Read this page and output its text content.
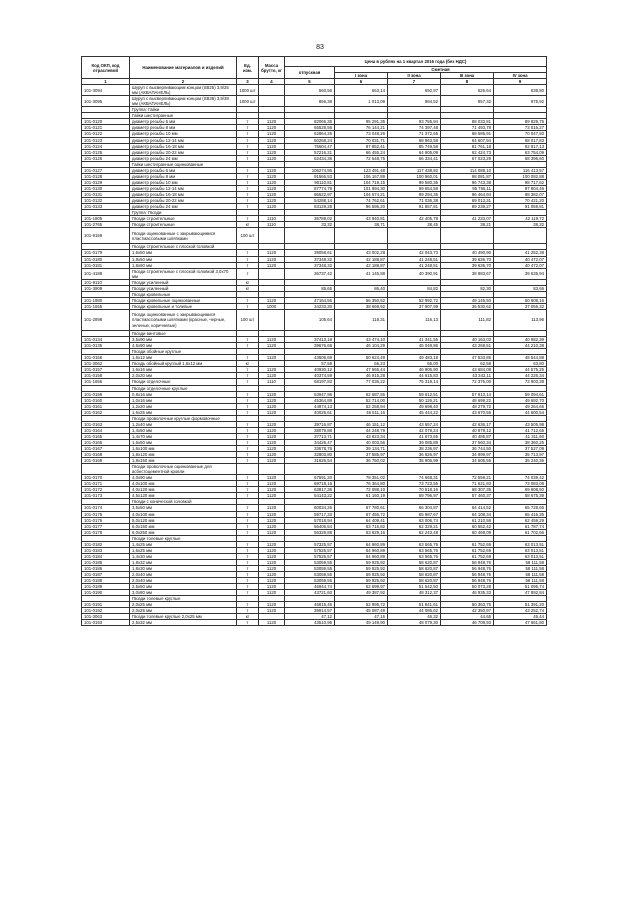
83
Код ОКП, код отраслевой	Наименование материалов и изделий	Ед. изм.	Масса брутто, кг	Цена в рублях на 1 квартал 2016 года (без НДС)				
				отпускная	Сметная			
					I зона	II зона	III зона	IV зона
1	2	3	4	5	6	7	8	9
101-3094	Шуруп с высверливающим концом (SB25) 3,9/25 мм (АКВАПАНЕЛЬ)	1000 шт		560,56	663,14	650,97	626,64	638,80
101-3095	Шуруп с высверливающим концом (SB39) 3,9/39 мм (АКВАПАНЕЛЬ)	1000 шт		856,38	1 013,09	994,52	957,32	975,92
	Группа: Гайки							
	Гайки шестигранные							
101-0120	диаметр резьбы 6 мм	т	1120	82066,35	95 291,35	93 755,94	88 033,81	89 829,75
101-0121	диаметр резьбы 8 мм	т	1120	65528,56	76 144,21	74 397,48	71 493,78	73 016,27
101-0122	диаметр резьбы 10 мм	т	1120	62864,25	73 048,26	71 372,65	68 585,91	70 047,50
101-0123	диаметр резьбы 12-14 мм	т	1120	60268,24	70 031,71	68 963,58	64 607,94	68 017,83
101-0124	диаметр резьбы 16-18 мм	т	1120	75604,47	87 852,41	85 749,58	81 761,18	82 817,13
101-0125	диаметр резьбы 20-22 мм	т	1120	57216,21	66 455,24	64 905,09	62 424,73	63 754,09
101-0126	диаметр резьбы 24 мм	т	1120	62434,36	72 548,75	66 334,41	67 023,29	68 396,60
	Гайки шестигранные оцинкованные							
101-0127	диаметр резьбы 6 мм	т	1120	106274,95	123 491,48	117 438,82	114 088,10	116 413,57
101-0128	диаметр резьбы 8 мм	т	1120	91566,53	106 167,89	100 960,01	98 081,87	100 082,88
101-0129	диаметр резьбы 10 мм	т	1120	90110,81	104 719,15	99 580,35	96 743,38	98 717,62
101-0130	диаметр резьбы 12-14 мм	т	1120	87774,79	101 994,30	99 654,58	95 765,11	97 804,46
101-0131	диаметр резьбы 16-18 мм	т	1120	86622,97	104 574,21	99 294,35	96 464,94	98 382,07
101-0132	диаметр резьбы 20-22 мм	т	1120	54288,14	74 762,61	71 036,38	69 013,31	70 421,20
101-0133	диаметр резьбы 24 мм	т	1120	83129,28	96 596,20	91 857,81	89 239,27	91 059,81
	Группа: Гвозди							
101-1805	Гвозди строительные	т	1110	36789,02	43 940,81	42 405,78	41 233,07	42 119,72
101-2765	Гвозди строительные	кг	1110	33,32	38,71	38,45	38,21	38,32
101-9159	Гвозди оцинкованные с закрывающимися пластмассовыми шляпками	100 шт						
	Гвозди строительные с плоской головкой							
101-0179	1,6х50 мм	т	1120	39058,61	43 002,28	42 043,73	40 490,90	41 252,38
101-0180	1,8х50 мм	т	1120	37348,32	42 188,87	41 248,51	39 636,70	40 472,07
101-0181	1,8х60 мм	т	1120	37348,32	42 188,87	41 248,51	39 636,70	40 472,07
101-4188	Гвозди строительные с плоской головкой 3,0х70 мм	т		36737,42	41 145,88	40 390,91	38 883,67	39 635,94
101-9110	Гвозди усиленный	кг						
101-3909	Гвозди усиленный	кг		85,65	86,40	84,82	82,30	83,66
	Гвозди кровельные							
101-1980	Гвозди кровельные оцинкованные	т	1120	47164,56	56 350,52	52 992,72	49 145,50	50 608,16
101-1655	Гвозди кровельные и толевые	т	1000	34233,30	38 669,92	37 907,99	36 530,62	37 055,32
101-2898	Гвозди оцинкованные с закрывающимися пластмассовыми шляпками (красные, черные, зеленые, коричневые)	100 шт		105,64	118,31	116,13	111,82	113,96
	Гвозди винтовые							
101-0134	3,5х90 мм	т	1120	37413,18	43 474,10	41 341,55	40 163,03	40 982,39
101-0135	4,5х90 мм	т	1120	39676,68	46 104,29	45 048,86	43 268,51	44 210,38
	Гвозди обойные круглые							
101-0156	1,6х12 мм	т	1120	43506,69	50 624,49	49 483,18	47 533,85	48 544,88
101-3062	Гвоздь обойный круглый 1,6х12 мм	кг		57,59	66,23	65,00	62,58	63,80
101-0157	1,6х16 мм	т	1120	40930,12	47 565,44	46 905,90	43 684,08	44 575,25
101-0158	2,0х20 мм	т	1120	40374,59	46 915,28	44 615,83	43 342,11	44 226,34
101-1656	Гвозди отделочные	т	1110	68197,83	77 036,22	75 319,14	72 376,00	73 903,38
	Гвозди отделочные круглые							
101-0159	0,8х16 мм	т	1120	53947,96	62 687,55	59 612,51	57 913,14	59 094,61
101-0160	1,0х16 мм	т	1120	45364,89	52 714,00	50 126,21	48 699,22	49 692,70
101-0161	1,2х20 мм	т	1120	44974,13	52 258,94	49 698,40	48 279,72	49 264,66
101-0162	1,6х25 мм	т	1120	40026,61	46 511,16	45 444,22	43 670,56	44 600,54
	Гвозди проволочные круглые формовочные							
101-0163	1,2х40 мм	т	1120	39716,87	46 151,12	43 657,24	42 636,17	43 505,98
101-0164	1,4х50 мм	т	1120	38079,88	44 248,79	42 078,24	40 879,12	41 712,65
101-0165	1,4х70 мм	т	1120	37713,71	43 823,34	41 673,65	40 485,87	41 311,60
101-0166	1,6х50 мм	т	1120	34426,47	40 003,56	39 085,89	37 560,34	38 360,25
101-0167	1,6х100 мм	т	1120	33678,76	39 134,71	38 236,97	36 744,50	37 527,09
101-0168	1,8х120 мм	т	1120	32803,80	37 585,97	36 626,97	34 999,97	35 713,97
101-0169	1,8х150 мм	т	1120	31626,54	36 750,02	35 906,99	34 505,55	35 240,36
	Гвозди проволочные оцинкованные для асбестоцементной кровли							
101-0170	4,0х90 мм	т	1120	67591,20	78 351,02	74 668,31	72 559,21	74 039,42
101-0171	4,0х100 мм	т	1120	69718,15	76 364,80	73 723,55	71 621,93	73 083,08
101-0172	4,0х120 мм	т	1120	63817,36	72 088,10	70 518,16	68 307,35	69 908,50
101-0173	4,5х120 мм	т	1120	54143,22	61 160,19	59 796,97	57 460,37	58 675,39
	Гвозди с конической головкой							
101-0174	3,5х50 мм	т	1120	60034,26	67 780,61	66 304,87	64 414,52	65 728,65
101-0175	4,0х100 мм	т	1120	59717,33	67 456,72	65 987,67	64 108,34	65 416,35
101-0176	5,0х120 мм	т	1120	57018,94	64 409,41	63 006,74	61 210,58	62 459,29
101-0177	6,0х150 мм	т	1120	56406,54	63 716,82	62 329,21	60 552,42	61 787,74
101-0178	6,0х250 мм	т	1120	56328,88	63 629,16	62 243,48	60 469,09	61 702,66
	Гвозди толевые круглые							
101-0182	1,4х25 мм	т	1120	57325,57	64 960,89	63 565,76	61 752,69	63 013,51
101-0183	1,6х25 мм	т	1120	57525,57	64 960,89	63 565,76	61 752,69	63 013,51
101-0184	1,4х30 мм	т	1120	57525,57	64 960,89	63 565,76	61 752,69	63 013,51
101-0185	1,8х32 мм	т	1120	53059,55	59 925,92	58 620,87	56 948,76	58 111,58
101-0186	1,8х30 мм	т	1120	53059,55	59 925,92	58 620,87	56 948,76	58 111,58
101-0187	2,0х40 мм	т	1120	53059,55	59 925,92	58 620,87	56 948,76	58 111,58
101-0188	2,0х40 мм	т	1120	53059,55	59 925,92	58 620,87	56 948,76	58 111,58
101-0189	2,5х50 мм	т	1120	46944,74	52 699,97	51 542,50	50 073,28	51 095,74
101-0190	3,0х80 мм	т	1120	43721,60	49 387,92	48 312,37	46 935,33	47 892,84
	Гвозди толевые круглые							
101-0191	2,0х25 мм	т	1120	46815,46	52 995,72	51 841,61	50 363,75	51 391,20
101-0192	2,0х25 мм	т	1120	39914,57	45 087,49	44 085,62	42 350,97	43 252,74
101-3063	Гвозди толевые круглые 2,0х25 мм	кг		47,12	47,16	46,32	44,65	45,44
101-0193	2,5х32 мм	т	1120	43510,95	49 149,90	48 079,30	46 708,93	47 661,80
